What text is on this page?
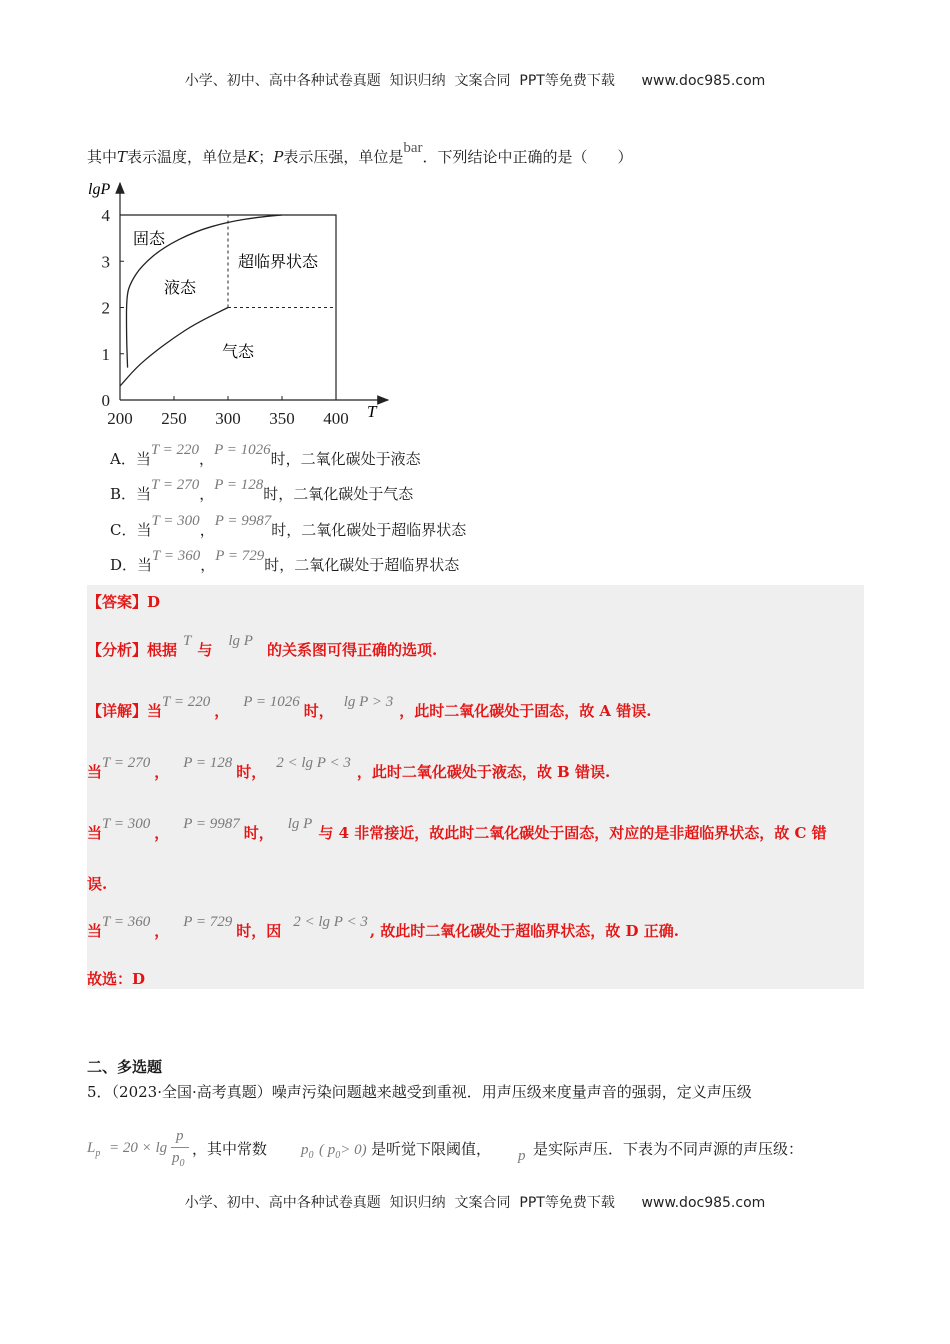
小学、初中、高中各种试卷真题  知识归纳  文案合同  PPT等免费下载      www.doc985.com
其中T表示温度，单位是K；P表示压强，单位是bar．下列结论中正确的是（　　）
200 250 300 350 400
0
1
2
3
4
lgP
T
固态
液态
超临界状态
气态
A．当T = 220，P = 1026时，二氧化碳处于液态
B．当T = 270，P = 128时，二氧化碳处于气态
C．当T = 300，P = 9987时，二氧化碳处于超临界状态
D．当T = 360，P = 729时，二氧化碳处于超临界状态
【答案】D
【分析】根据 T 与 lg P 的关系图可得正确的选项.
【详解】当T = 220 ， P = 1026 时， lg P > 3 ，此时二氧化碳处于固态，故 A 错误.
当T = 270 ， P = 128 时， 2 < lg P < 3 ，此时二氧化碳处于液态，故 B 错误.
当T = 300 ， P = 9987 时， lg P 与 4 非常接近，故此时二氧化碳处于固态，对应的是非超临界状态，故 C 错
误.
当T = 360 ， P = 729 时，因 2 < lg P < 3 , 故此时二氧化碳处于超临界状态，故 D 正确.
故选：D
二、多选题
5．（2023·全国·高考真题）噪声污染问题越来越受到重视．用声压级来度量声音的强弱，定义声压级
$L_p = 20 \times \lg$
p
$p_0$
，其中常数 $p_0$ ( $p_0> 0$) 是听觉下限阈值， p 是实际声压．下表为不同声源的声压级：
小学、初中、高中各种试卷真题  知识归纳  文案合同  PPT等免费下载      www.doc985.com
